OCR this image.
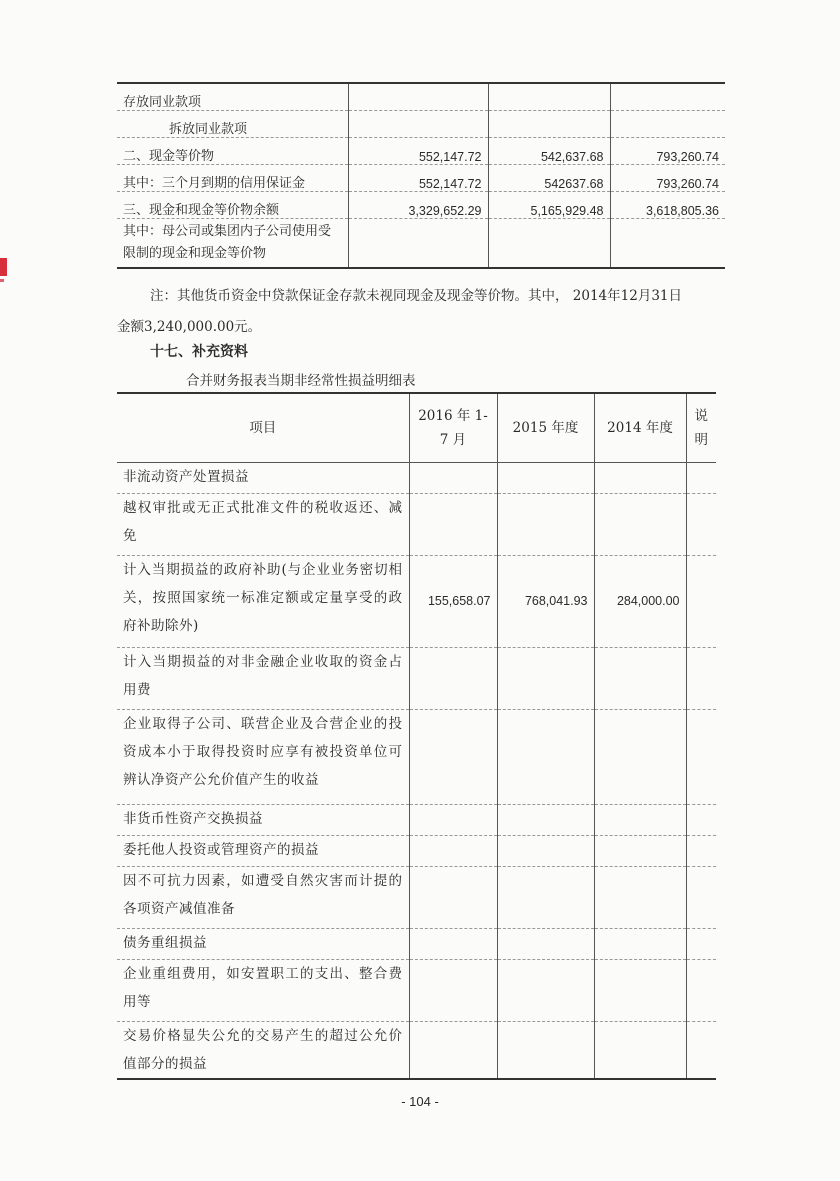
存放同业款项			
拆放同业款项			
二、现金等价物	552,147.72	542,637.68	793,260.74
其中：三个月到期的信用保证金	552,147.72	542637.68	793,260.74
三、现金和现金等价物余额	3,329,652.29	5,165,929.48	3,618,805.36
其中：母公司或集团内子公司使用受限制的现金和现金等价物			
注：其他货币资金中贷款保证金存款未视同现金及现金等价物。其中， 2014年12月31日
金额3,240,000.00元。
十七、补充资料
合并财务报表当期非经常性损益明细表
项目	2016 年 1-7 月	2015 年度	2014 年度	说明
非流动资产处置损益				
越权审批或无正式批准文件的税收返还、减免				
计入当期损益的政府补助(与企业业务密切相关，按照国家统一标准定额或定量享受的政府补助除外)	155,658.07	768,041.93	284,000.00	
计入当期损益的对非金融企业收取的资金占用费				
企业取得子公司、联营企业及合营企业的投资成本小于取得投资时应享有被投资单位可辨认净资产公允价值产生的收益				
非货币性资产交换损益				
委托他人投资或管理资产的损益				
因不可抗力因素，如遭受自然灾害而计提的各项资产减值准备				
债务重组损益				
企业重组费用，如安置职工的支出、整合费用等				
交易价格显失公允的交易产生的超过公允价值部分的损益				
- 104 -
